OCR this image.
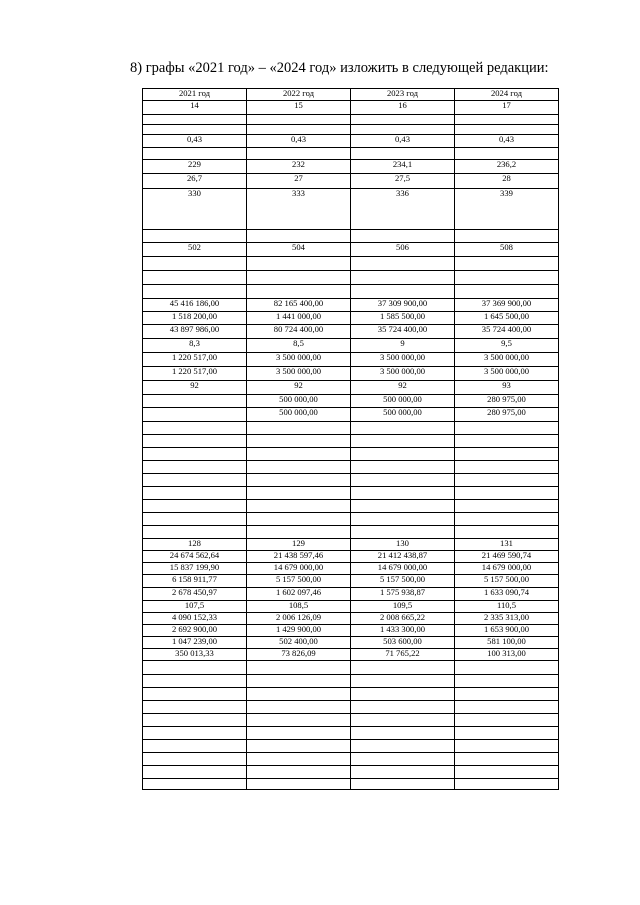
8) графы «2021 год» – «2024 год» изложить в следующей редакции:
2021 год	2022 год	2023 год	2024 год
14	15	16	17

0,43	0,43	0,43	0,43

229	232	234,1	236,2
26,7	27	27,5	28
330	333	336	339

502	504	506	508

45 416 186,00	82 165 400,00	37 309 900,00	37 369 900,00
1 518 200,00	1 441 000,00	1 585 500,00	1 645 500,00
43 897 986,00	80 724 400,00	35 724 400,00	35 724 400,00
8,3	8,5	9	9,5
1 220 517,00	3 500 000,00	3 500 000,00	3 500 000,00
1 220 517,00	3 500 000,00	3 500 000,00	3 500 000,00
92	92	92	93
	500 000,00	500 000,00	280 975,00
	500 000,00	500 000,00	280 975,00

128	129	130	131
24 674 562,64	21 438 597,46	21 412 438,87	21 469 590,74
15 837 199,90	14 679 000,00	14 679 000,00	14 679 000,00
6 158 911,77	5 157 500,00	5 157 500,00	5 157 500,00
2 678 450,97	1 602 097,46	1 575 938,87	1 633 090,74
107,5	108,5	109,5	110,5
4 090 152,33	2 006 126,09	2 008 665,22	2 335 313,00
2 692 900,00	1 429 900,00	1 433 300,00	1 653 900,00
1 047 239,00	502 400,00	503 600,00	581 100,00
350 013,33	73 826,09	71 765,22	100 313,00
